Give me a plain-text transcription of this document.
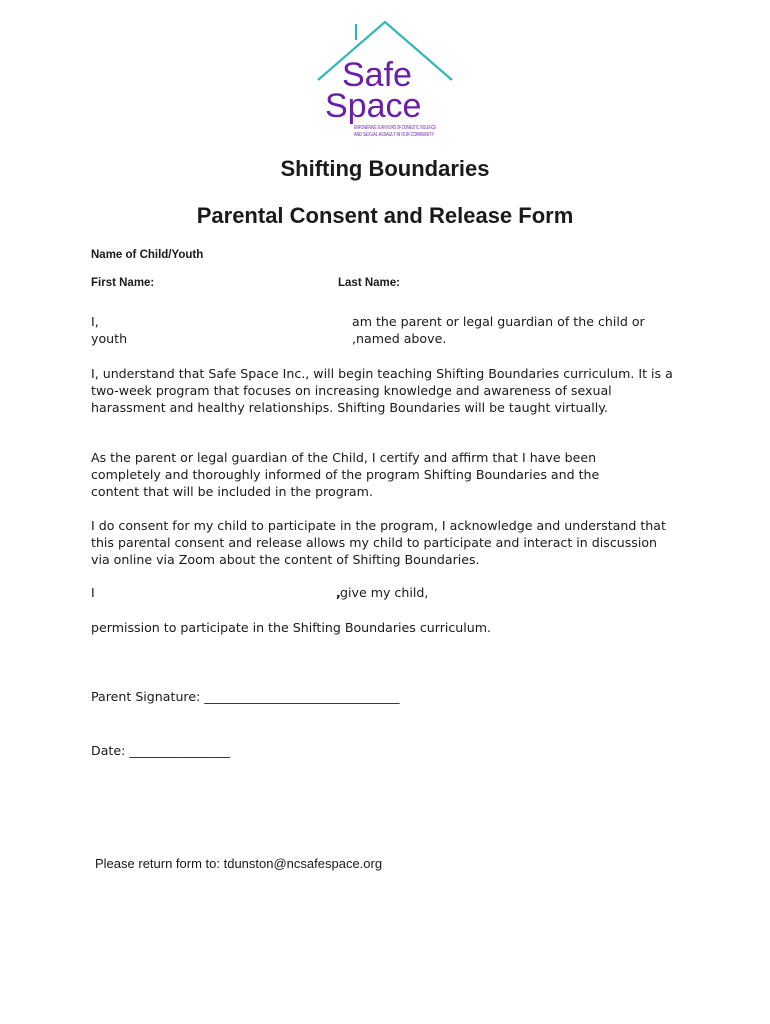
Safe
Space
EMPOWERING SURVIVORS OF DOMESTIC VIOLENCE
AND SEXUAL ASSAULT IN OUR COMMUNITY
Shifting Boundaries
Parental Consent and Release Form
Name of Child/Youth
First Name:	Last Name:
I,
youth
am the parent or legal guardian of the child or
,named above.
I, understand that Safe Space Inc., will begin teaching Shifting Boundaries curriculum. It is a two-week program that focuses on increasing knowledge and awareness of sexual harassment and healthy relationships. Shifting Boundaries will be taught virtually.
As the parent or legal guardian of the Child, I certify and affirm that I have been completely and thoroughly informed of the program Shifting Boundaries and the content that will be included in the program.
I do consent for my child to participate in the program, I acknowledge and understand that this parental consent and release allows my child to participate and interact in discussion via online via Zoom about the content of Shifting Boundaries.
I	, give my child,
permission to participate in the Shifting Boundaries curriculum.
Parent Signature: _______________________________
Date: ________________
Please return form to: tdunston@ncsafespace.org
